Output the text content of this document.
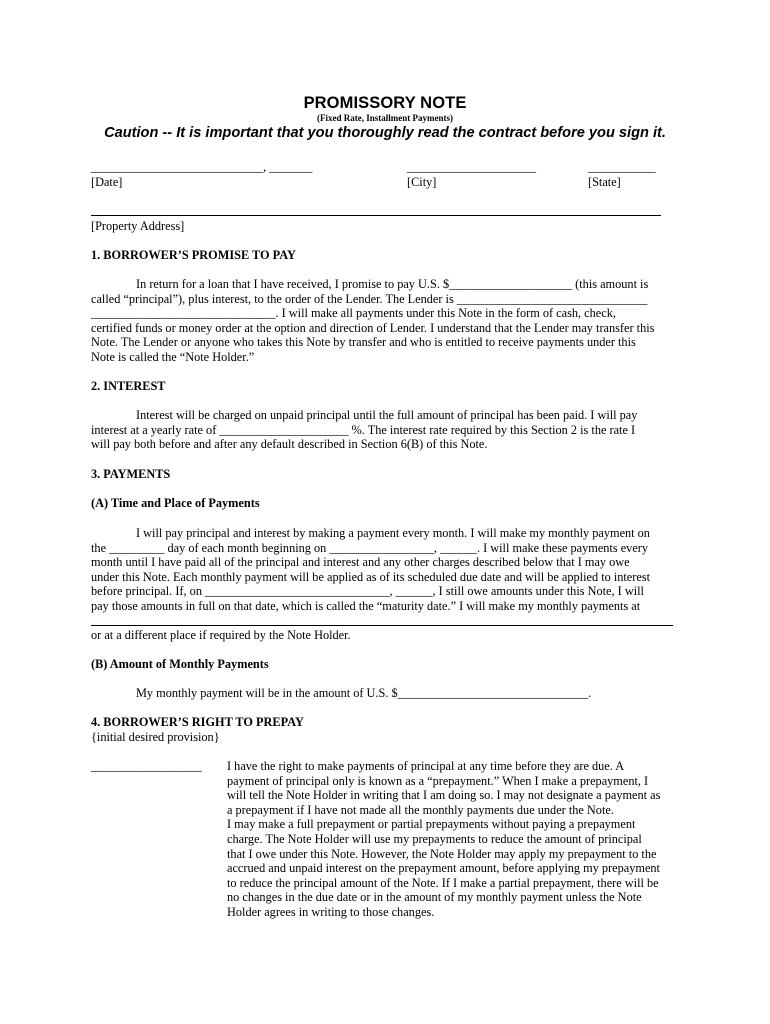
PROMISSORY NOTE
(Fixed Rate, Installment Payments)
Caution -- It is important that you thoroughly read the contract before you sign it.
____________________________, _______
[Date]
_____________________
[City]
___________
[State]
[Property Address]
1. BORROWER’S PROMISE TO PAY
In return for a loan that I have received, I promise to pay U.S. $____________________ (this amount is
called “principal”), plus interest, to the order of the Lender. The Lender is _______________________________
______________________________. I will make all payments under this Note in the form of cash, check,
certified funds or money order at the option and direction of Lender. I understand that the Lender may transfer this
Note. The Lender or anyone who takes this Note by transfer and who is entitled to receive payments under this
Note is called the “Note Holder.”
2. INTEREST
Interest will be charged on unpaid principal until the full amount of principal has been paid. I will pay
interest at a yearly rate of _____________________ %. The interest rate required by this Section 2 is the rate I
will pay both before and after any default described in Section 6(B) of this Note.
3. PAYMENTS
(A) Time and Place of Payments
I will pay principal and interest by making a payment every month. I will make my monthly payment on
the _________ day of each month beginning on _________________, ______. I will make these payments every
month until I have paid all of the principal and interest and any other charges described below that I may owe
under this Note. Each monthly payment will be applied as of its scheduled due date and will be applied to interest
before principal. If, on ______________________________, ______, I still owe amounts under this Note, I will
pay those amounts in full on that date, which is called the “maturity date.” I will make my monthly payments at
or at a different place if required by the Note Holder.
(B) Amount of Monthly Payments
My monthly payment will be in the amount of U.S. $_______________________________.
4. BORROWER’S RIGHT TO PREPAY
{initial desired provision}
__________________ I have the right to make payments of principal at any time before they are due. A
payment of principal only is known as a “prepayment.” When I make a prepayment, I
will tell the Note Holder in writing that I am doing so. I may not designate a payment as
a prepayment if I have not made all the monthly payments due under the Note.
I may make a full prepayment or partial prepayments without paying a prepayment
charge. The Note Holder will use my prepayments to reduce the amount of principal
that I owe under this Note. However, the Note Holder may apply my prepayment to the
accrued and unpaid interest on the prepayment amount, before applying my prepayment
to reduce the principal amount of the Note. If I make a partial prepayment, there will be
no changes in the due date or in the amount of my monthly payment unless the Note
Holder agrees in writing to those changes.
